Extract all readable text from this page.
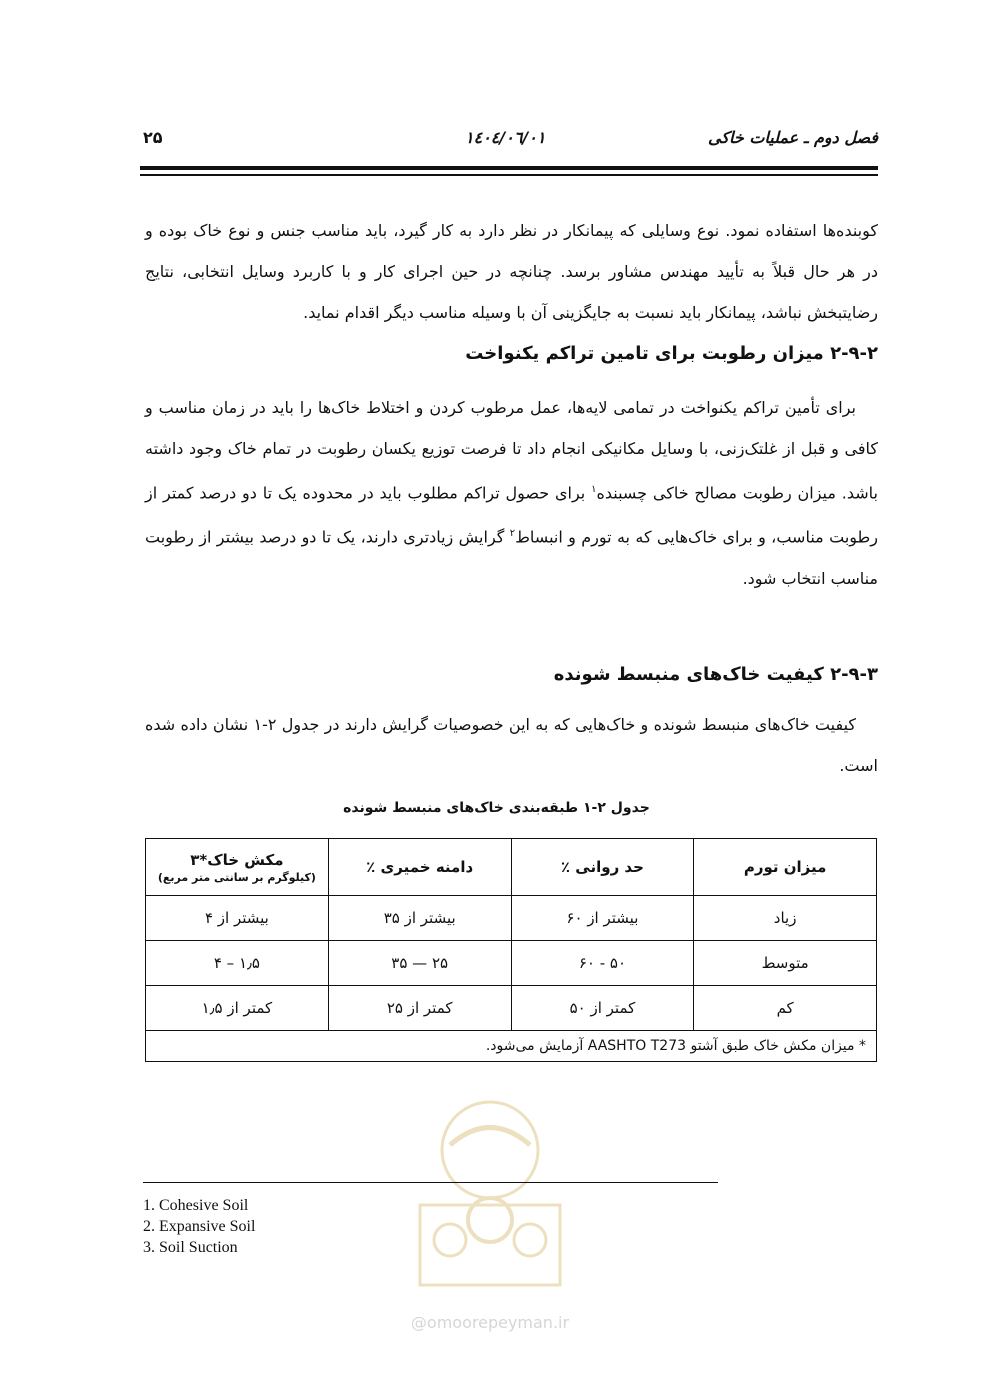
فصل دوم ـ عملیات خاکی
۱٤۰٤/۰٦/۰۱
۲۵
کوبنده‌ها استفاده نمود. نوع وسایلی که پیمانکار در نظر دارد به کار گیرد، باید مناسب جنس و نوع خاک بوده و در هر حال قبلاً به تأیید مهندس مشاور برسد. چنانچه در حین اجرای کار و با کاربرد وسایل انتخابی، نتایج رضایتبخش نباشد، پیمانکار باید نسبت به جایگزینی آن با وسیله مناسب دیگر اقدام نماید.
۲-۹-۲ میزان رطوبت برای تامین تراکم یکنواخت
برای تأمین تراکم یکنواخت در تمامی لایه‌ها، عمل مرطوب کردن و اختلاط خاک‌ها را باید در زمان مناسب و کافی و قبل از غلتک‌زنی، با وسایل مکانیکی انجام داد تا فرصت توزیع یکسان رطوبت در تمام خاک وجود داشته باشد. میزان رطوبت مصالح خاکی چسبنده$^۱$ برای حصول تراکم مطلوب باید در محدوده یک تا دو درصد کمتر از رطوبت مناسب، و برای خاک‌هایی که به تورم و انبساط$^۲$ گرایش زیادتری دارند، یک تا دو درصد بیشتر از رطوبت مناسب انتخاب شود.
۲-۹-۳ کیفیت خاک‌های منبسط شونده
کیفیت خاک‌های منبسط شونده و خاک‌هایی که به این خصوصیات گرایش دارند در جدول ۲-۱ نشان داده شده است.
جدول ۲-۱ طبقه‌بندی خاک‌های منبسط شونده
میزان تورم	حد روانی ٪	دامنه خمیری ٪	مکش خاک*۳
(کیلوگرم بر سانتی متر مربع)

زیاد	بیشتر از ۶۰	بیشتر از ۳۵	بیشتر از ۴
متوسط	۵۰ - ۶۰	۲۵ — ۳۵	۱٫۵ – ۴
کم	کمتر از ۵۰	کمتر از ۲۵	کمتر از ۱٫۵
* میزان مکش خاک طبق آشتو AASHTO T273 آزمایش می‌شود.			
@omoorepeyman.ir
1. Cohesive Soil
2. Expansive Soil
3. Soil Suction
